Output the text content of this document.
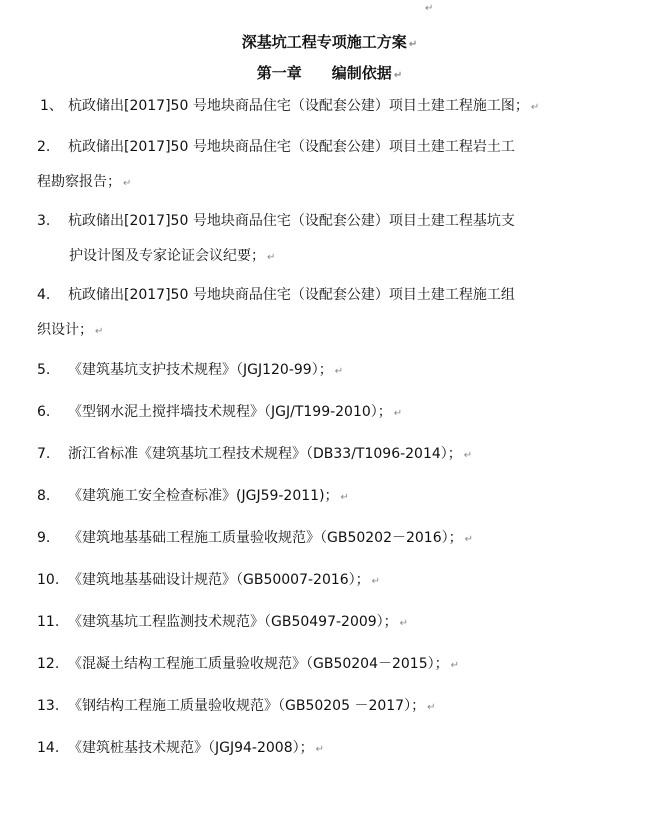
↵
深基坑工程专项施工方案 ↵
第一章 编制依据 ↵
1、 杭政储出[2017]50 号地块商品住宅（设配套公建）项目土建工程施工图； ↵
2. 杭政储出[2017]50 号地块商品住宅（设配套公建）项目土建工程岩土工
程勘察报告； ↵
3. 杭政储出[2017]50 号地块商品住宅（设配套公建）项目土建工程基坑支
护设计图及专家论证会议纪要； ↵
4. 杭政储出[2017]50 号地块商品住宅（设配套公建）项目土建工程施工组
织设计； ↵
5. 《建筑基坑支护技术规程》（JGJ120-99）； ↵
6. 《型钢水泥土搅拌墙技术规程》（JGJ/T199-2010）； ↵
7. 浙江省标准《建筑基坑工程技术规程》（DB33/T1096-2014）； ↵
8. 《建筑施工安全检查标准》(JGJ59-2011)； ↵
9. 《建筑地基基础工程施工质量验收规范》（GB50202－2016）； ↵
10. 《建筑地基基础设计规范》（GB50007-2016）； ↵
11. 《建筑基坑工程监测技术规范》（GB50497-2009）； ↵
12. 《混凝土结构工程施工质量验收规范》（GB50204－2015）； ↵
13. 《钢结构工程施工质量验收规范》（GB50205 －2017）； ↵
14. 《建筑桩基技术规范》（JGJ94-2008）； ↵
